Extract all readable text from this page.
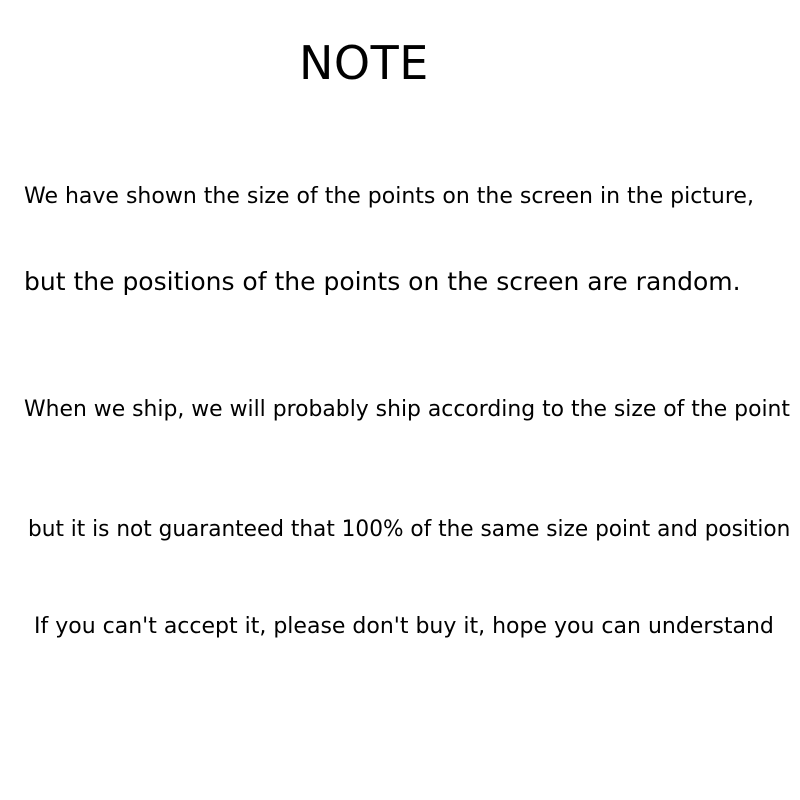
NOTE

We have shown the size of the points on the screen in the picture,

but the positions of the points on the screen are random.

When we ship, we will probably ship according to the size of the point

but it is not guaranteed that 100% of the same size point and position

If you can't accept it, please don't buy it, hope you can understand
